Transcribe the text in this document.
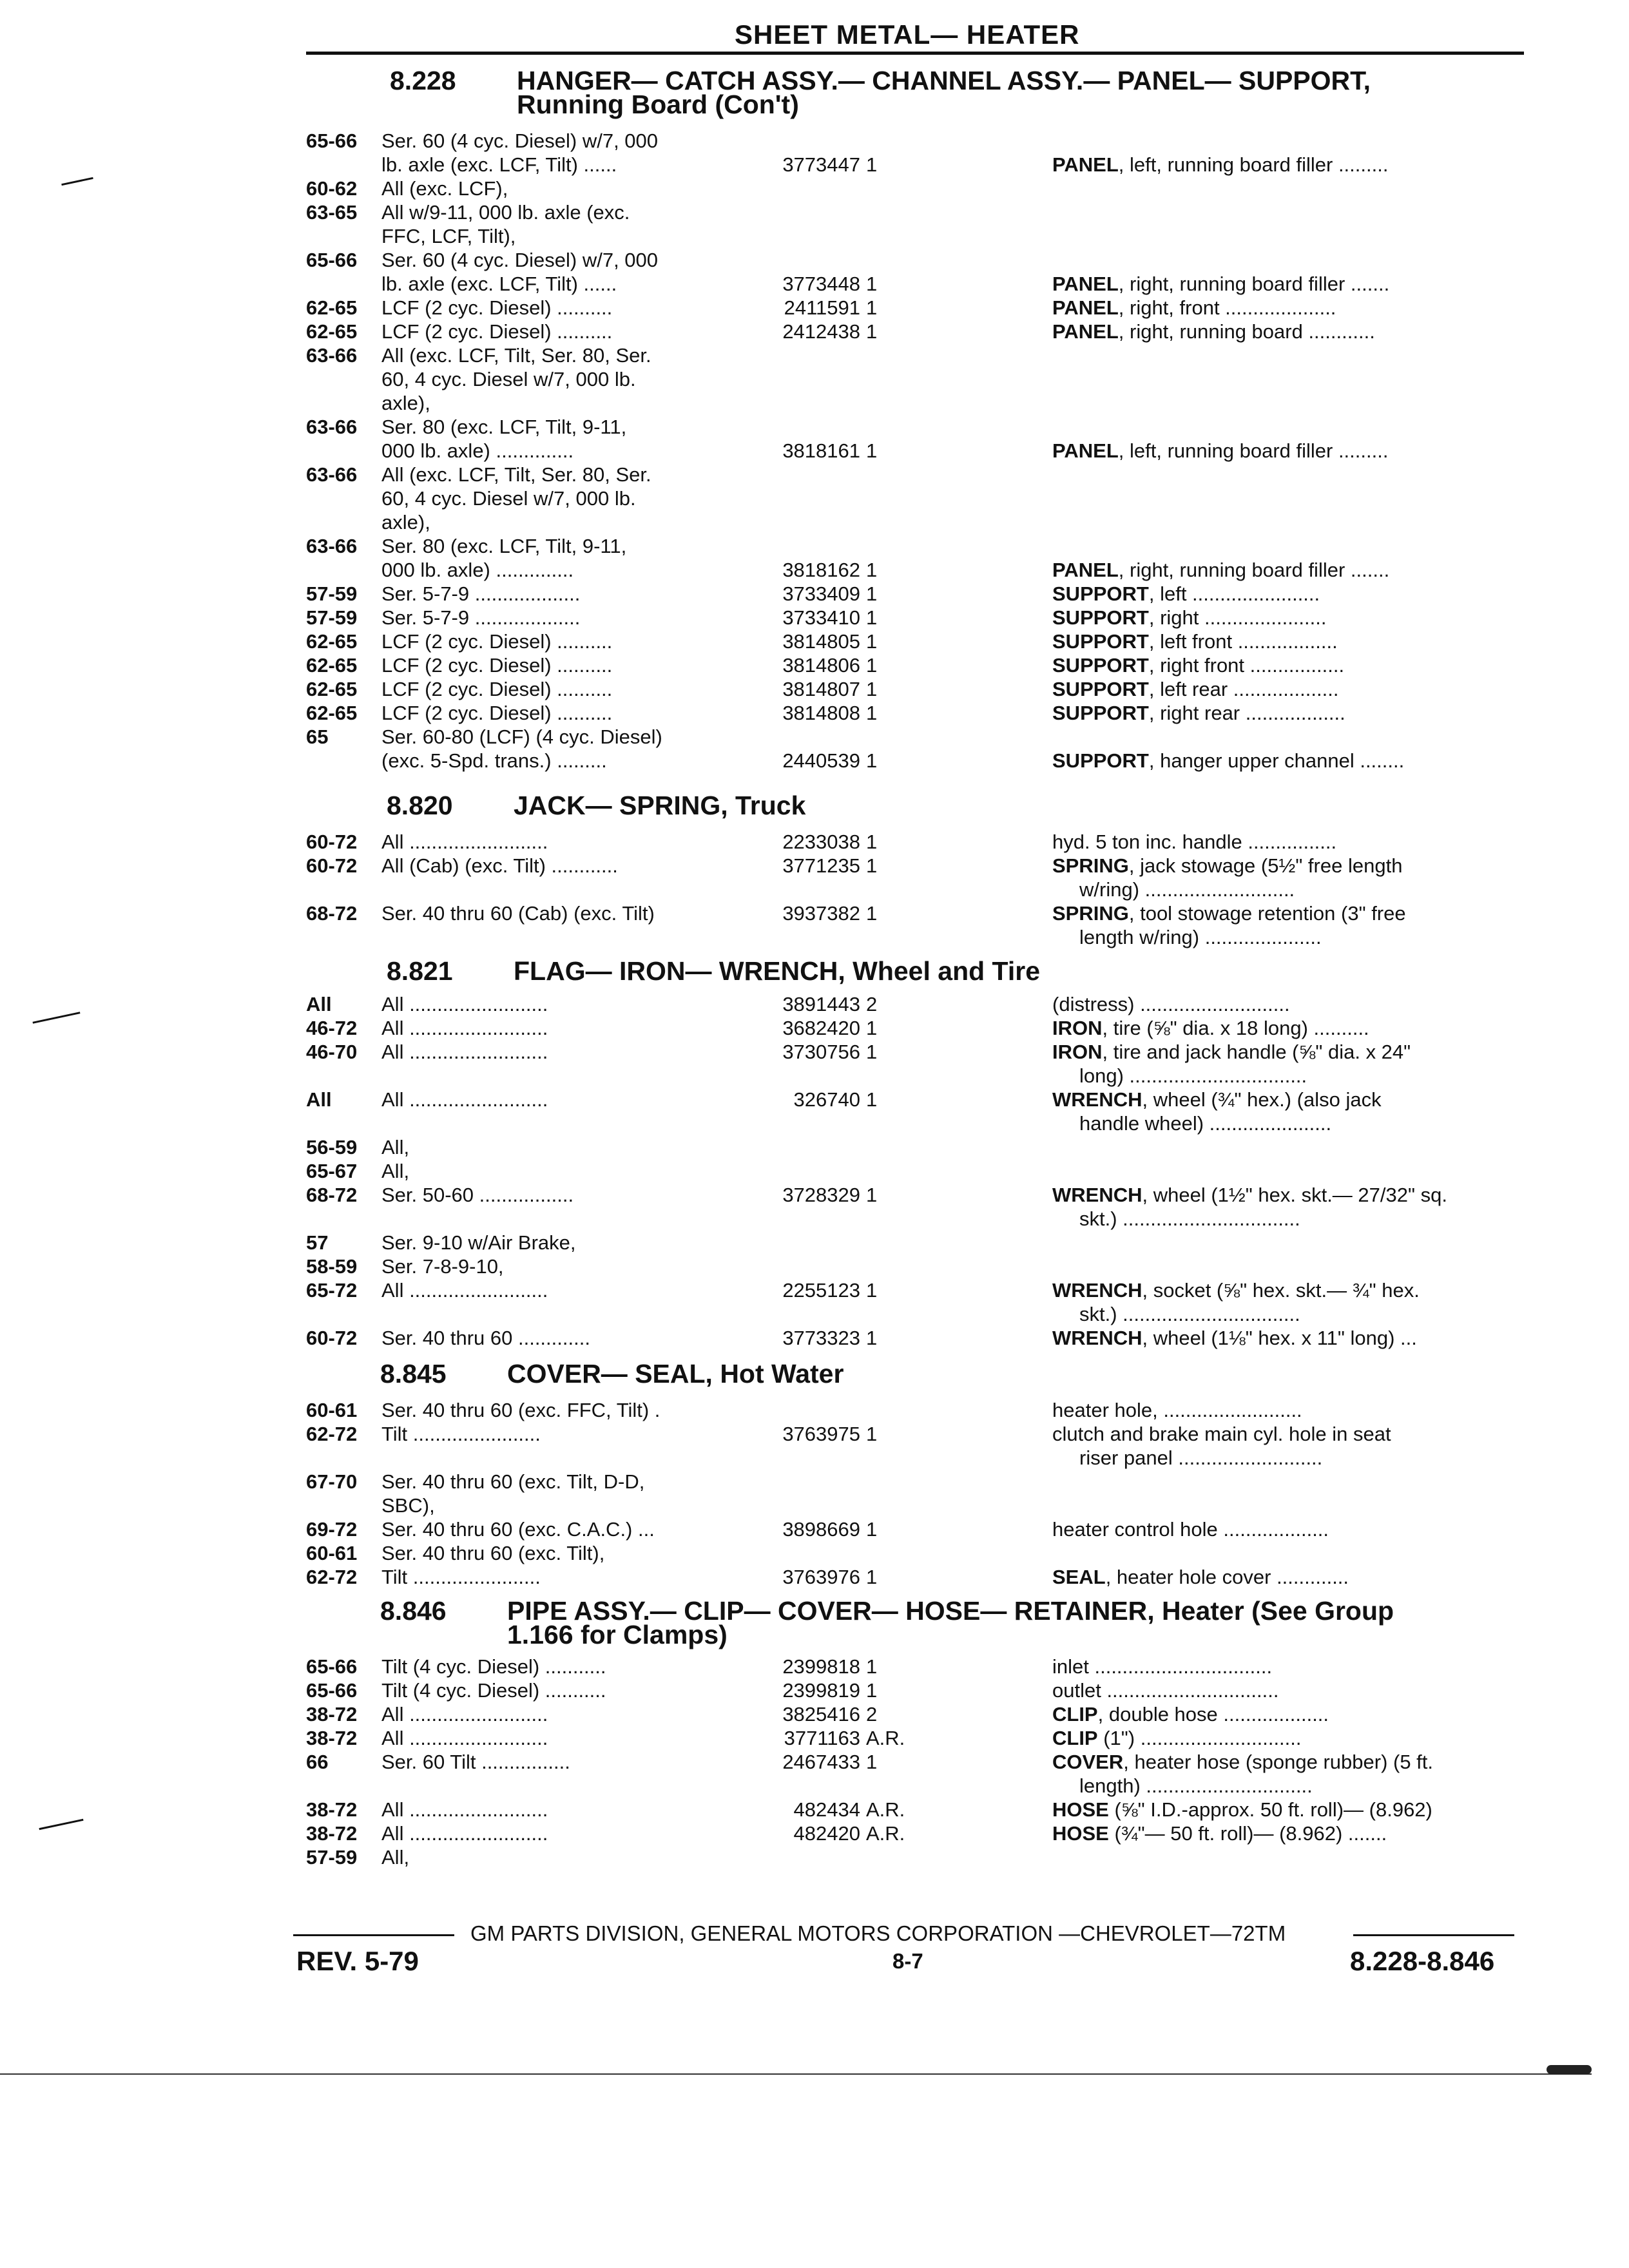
SHEET METAL— HEATER
8.228 HANGER— CATCH ASSY.— CHANNEL ASSY.— PANEL— SUPPORT,
Running Board (Con't)
65-66 Ser. 60 (4 cyc. Diesel) w/7, 000
lb. axle (exc. LCF, Tilt) ......	3773447 1	PANEL, left, running board filler .........
60-62 All (exc. LCF),
63-65 All w/9-11, 000 lb. axle (exc.
FFC, LCF, Tilt),
65-66 Ser. 60 (4 cyc. Diesel) w/7, 000
lb. axle (exc. LCF, Tilt) ......	3773448 1	PANEL, right, running board filler .......
62-65 LCF (2 cyc. Diesel) ..........	2411591 1	PANEL, right, front ....................
62-65 LCF (2 cyc. Diesel) ..........	2412438 1	PANEL, right, running board ............
63-66 All (exc. LCF, Tilt, Ser. 80, Ser.
60, 4 cyc. Diesel w/7, 000 lb.
axle),
63-66 Ser. 80 (exc. LCF, Tilt, 9-11,
000 lb. axle) ..............	3818161 1	PANEL, left, running board filler .........
63-66 All (exc. LCF, Tilt, Ser. 80, Ser.
60, 4 cyc. Diesel w/7, 000 lb.
axle),
63-66 Ser. 80 (exc. LCF, Tilt, 9-11,
000 lb. axle) ..............	3818162 1	PANEL, right, running board filler .......
57-59 Ser. 5-7-9 ...................	3733409 1	SUPPORT, left .......................
57-59 Ser. 5-7-9 ...................	3733410 1	SUPPORT, right ......................
62-65 LCF (2 cyc. Diesel) ..........	3814805 1	SUPPORT, left front ..................
62-65 LCF (2 cyc. Diesel) ..........	3814806 1	SUPPORT, right front .................
62-65 LCF (2 cyc. Diesel) ..........	3814807 1	SUPPORT, left rear ...................
62-65 LCF (2 cyc. Diesel) ..........	3814808 1	SUPPORT, right rear ..................
65	Ser. 60-80 (LCF) (4 cyc. Diesel)
(exc. 5-Spd. trans.) .........	2440539 1	SUPPORT, hanger upper channel ........
8.820 JACK— SPRING, Truck
60-72 All .........................	2233038 1	hyd. 5 ton inc. handle ................
60-72 All (Cab) (exc. Tilt) ............	3771235 1	SPRING, jack stowage (5½" free length
w/ring) ...........................
68-72 Ser. 40 thru 60 (Cab) (exc. Tilt)	3937382 1	SPRING, tool stowage retention (3" free
length w/ring) .....................
8.821 FLAG— IRON— WRENCH, Wheel and Tire
All All .........................	3891443 2	(distress) ...........................
46-72 All .........................	3682420 1	IRON, tire (⅝" dia. x 18 long) ..........
46-70 All .........................	3730756 1	IRON, tire and jack handle (⅝" dia. x 24"
long) ................................
All All .........................	326740 1	WRENCH, wheel (¾" hex.) (also jack
handle wheel) ......................
56-59 All,
65-67 All,
68-72 Ser. 50-60 .................	3728329 1	WRENCH, wheel (1½" hex. skt.— 27/32" sq.
skt.) ................................
57	Ser. 9-10 w/Air Brake,
58-59 Ser. 7-8-9-10,
65-72 All .........................	2255123 1	WRENCH, socket (⅝" hex. skt.— ¾" hex.
skt.) ................................
60-72 Ser. 40 thru 60 .............	3773323 1	WRENCH, wheel (1⅛" hex. x 11" long) ...
8.845 COVER— SEAL, Hot Water
60-61 Ser. 40 thru 60 (exc. FFC, Tilt) .	heater hole, .........................
62-72 Tilt .......................	3763975 1	clutch and brake main cyl. hole in seat
riser panel ..........................
67-70 Ser. 40 thru 60 (exc. Tilt, D-D,
SBC),
69-72 Ser. 40 thru 60 (exc. C.A.C.) ...	3898669 1	heater control hole ...................
60-61 Ser. 40 thru 60 (exc. Tilt),
62-72 Tilt .......................	3763976 1	SEAL, heater hole cover .............
8.846 PIPE ASSY.— CLIP— COVER— HOSE— RETAINER, Heater (See Group
1.166 for Clamps)
65-66 Tilt (4 cyc. Diesel) ...........	2399818 1	inlet ................................
65-66 Tilt (4 cyc. Diesel) ...........	2399819 1	outlet ...............................
38-72 All .........................	3825416 2	CLIP, double hose ...................
38-72 All .........................	3771163 A.R.	CLIP (1") .............................
66	Ser. 60 Tilt ................	2467433 1	COVER, heater hose (sponge rubber) (5 ft.
length) ..............................
38-72 All .........................	482434 A.R.	HOSE (⅝" I.D.-approx. 50 ft. roll)— (8.962)
38-72 All .........................	482420 A.R.	HOSE (¾"— 50 ft. roll)— (8.962) .......
57-59 All,
GM PARTS DIVISION, GENERAL MOTORS CORPORATION —CHEVROLET—72TM
REV. 5-79	8-7	8.228-8.846
